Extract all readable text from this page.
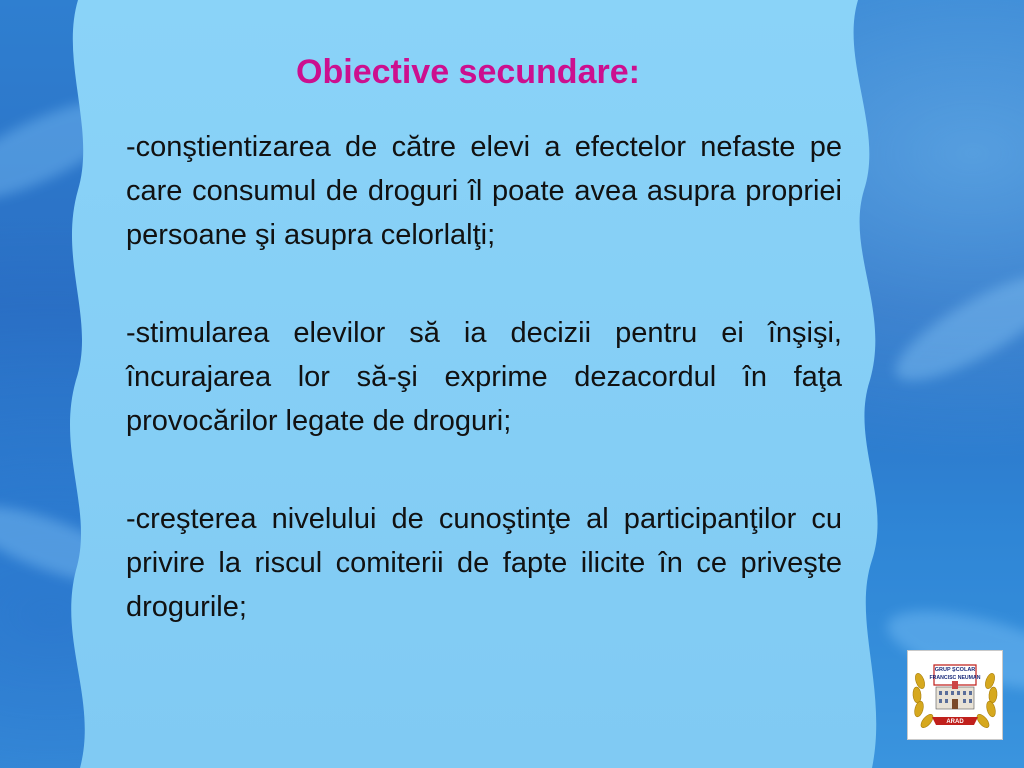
Obiective secundare:

-conştientizarea de către elevi a efectelor nefaste pe care consumul de droguri îl poate avea asupra propriei persoane şi asupra celorlalţi;

-stimularea elevilor să ia decizii pentru ei înşişi, încurajarea lor să-şi exprime dezacordul în faţa provocărilor legate de droguri;

-creşterea nivelului de cunoştinţe al participanţilor cu privire la riscul comiterii de fapte ilicite în ce priveşte drogurile;

GRUP ŞCOLAR
FRANCISC NEUMAN
ARAD
